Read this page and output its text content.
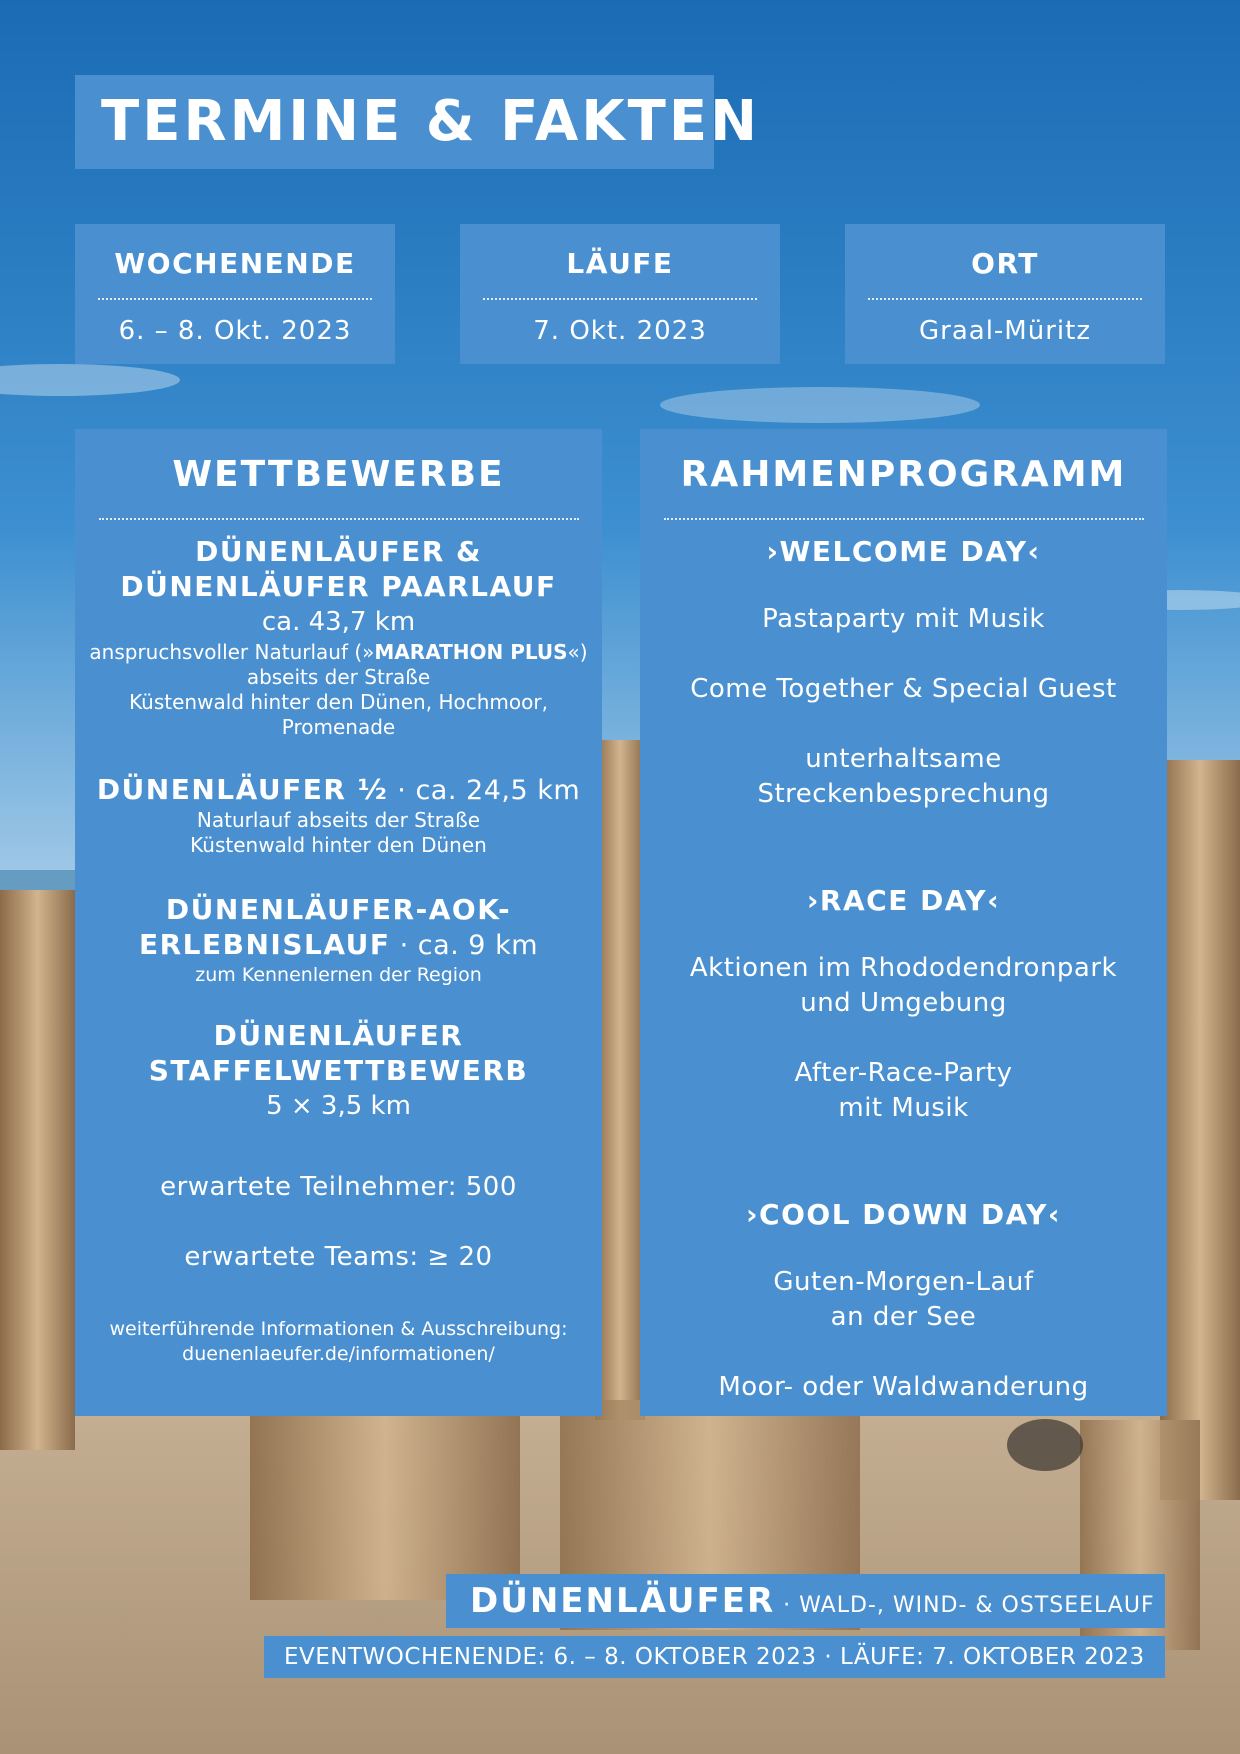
TERMINE & FAKTEN
WOCHENENDE
6. – 8. Okt. 2023
LÄUFE
7. Okt. 2023
ORT
Graal-Müritz
WETTBEWERBE
DÜNENLÄUFER &
DÜNENLÄUFER PAARLAUF
ca. 43,7 km
anspruchsvoller Naturlauf (»MARATHON PLUS«)
abseits der Straße
Küstenwald hinter den Dünen, Hochmoor,
Promenade
DÜNENLÄUFER ½ · ca. 24,5 km
Naturlauf abseits der Straße
Küstenwald hinter den Dünen
DÜNENLÄUFER-AOK-
ERLEBNISLAUF · ca. 9 km
zum Kennenlernen der Region
DÜNENLÄUFER
STAFFELWETTBEWERB
5 × 3,5 km
erwartete Teilnehmer: 500
erwartete Teams: ≥ 20
weiterführende Informationen & Ausschreibung:
duenenlaeufer.de/informationen/
RAHMENPROGRAMM
›WELCOME DAY‹
Pastaparty mit Musik
Come Together & Special Guest
unterhaltsame
Streckenbesprechung
›RACE DAY‹
Aktionen im Rhododendronpark
und Umgebung
After-Race-Party
mit Musik
›COOL DOWN DAY‹
Guten-Morgen-Lauf
an der See
Moor- oder Waldwanderung
DÜNENLÄUFER · WALD-, WIND- & OSTSEELAUF
EVENTWOCHENENDE: 6. – 8. OKTOBER 2023 · LÄUFE: 7. OKTOBER 2023
